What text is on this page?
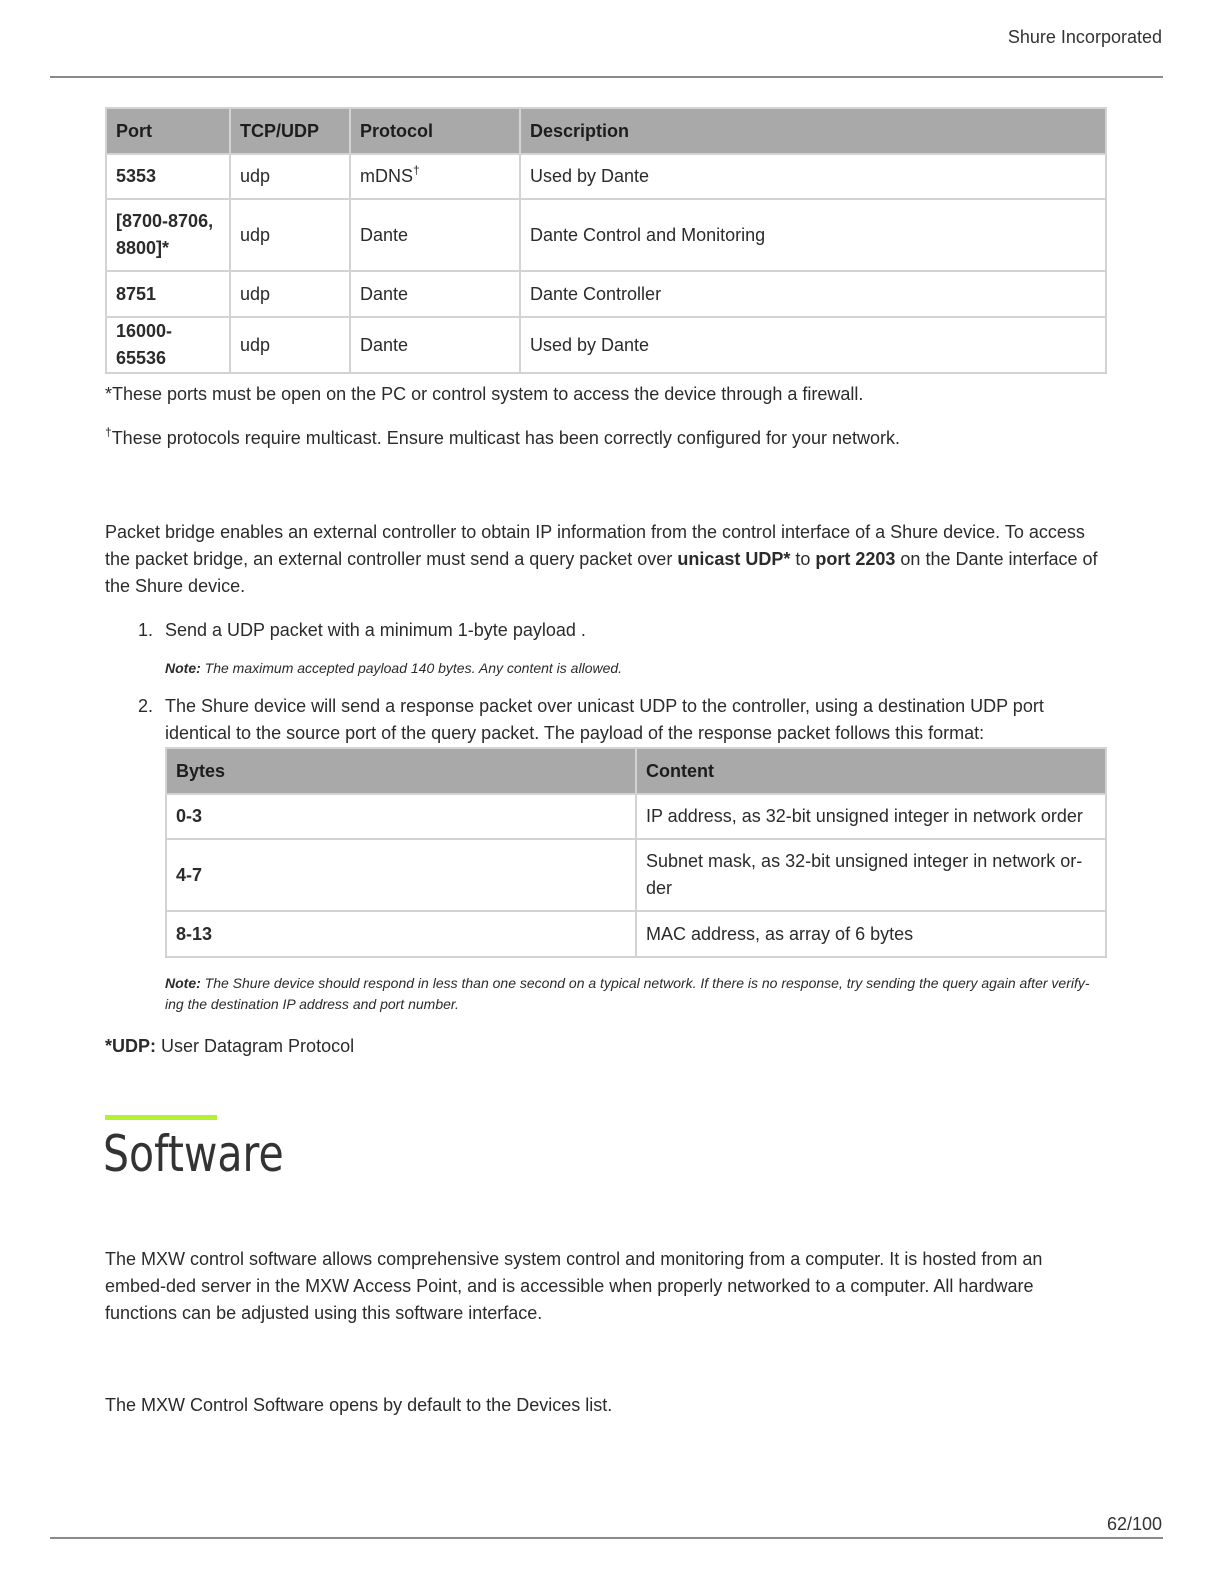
Shure Incorporated
Port	TCP/UDP	Protocol	Description
5353	udp	mDNS†	Used by Dante
[8700-8706,
8800]*	udp	Dante	Dante Control and Monitoring
8751	udp	Dante	Dante Controller
16000-65536	udp	Dante	Used by Dante

*These ports must be open on the PC or control system to access the device through a firewall.

†These protocols require multicast. Ensure multicast has been correctly configured for your network.

Packet bridge enables an external controller to obtain IP information from the control interface of a Shure device. To access the packet bridge, an external controller must send a query packet over unicast UDP* to port 2203 on the Dante interface of the Shure device.

1. Send a UDP packet with a minimum 1-byte payload .

Note: The maximum accepted payload 140 bytes. Any content is allowed.

2. The Shure device will send a response packet over unicast UDP to the controller, using a destination UDP port identical to the source port of the query packet. The payload of the response packet follows this format:

Bytes	Content
0-3	IP address, as 32-bit unsigned integer in network order
4-7	Subnet mask, as 32-bit unsigned integer in network or-der
8-13	MAC address, as array of 6 bytes

Note: The Shure device should respond in less than one second on a typical network. If there is no response, try sending the query again after verify-ing the destination IP address and port number.

*UDP: User Datagram Protocol

Software

The MXW control software allows comprehensive system control and monitoring from a computer. It is hosted from an embed-ded server in the MXW Access Point, and is accessible when properly networked to a computer. All hardware functions can be adjusted using this software interface.

The MXW Control Software opens by default to the Devices list.

62/100
